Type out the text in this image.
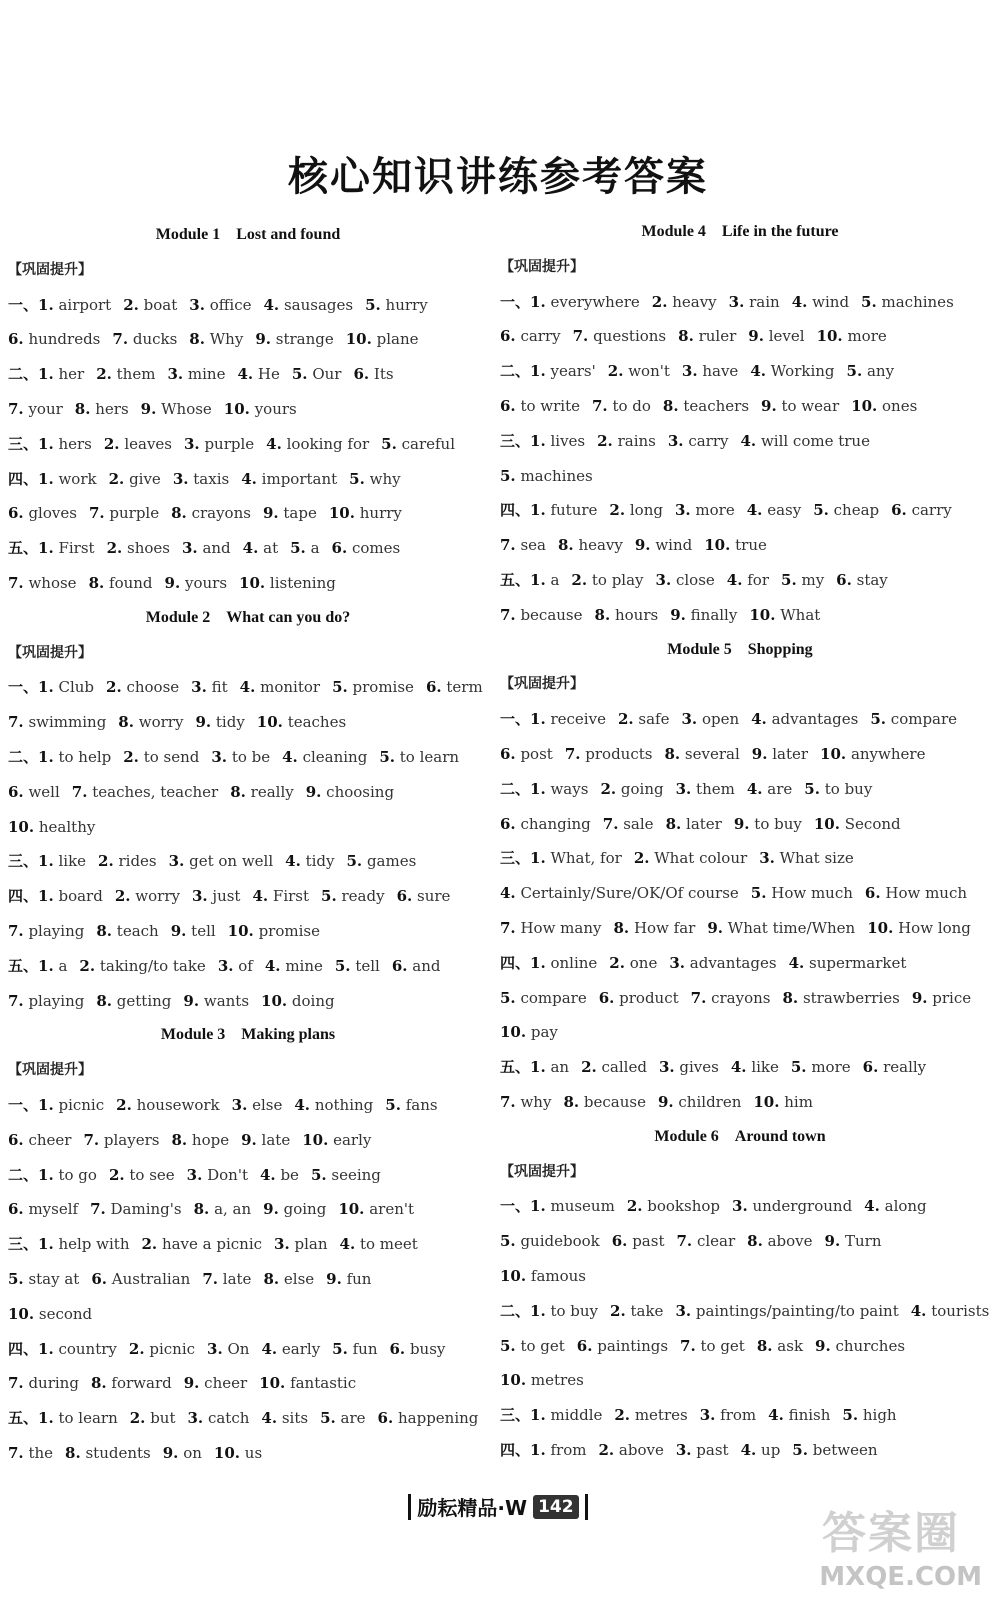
核心知识讲练参考答案
Module 1　Lost and found
【巩固提升】
一、1. airport 2. boat 3. office 4. sausages 5. hurry
6. hundreds 7. ducks 8. Why 9. strange 10. plane
二、1. her 2. them 3. mine 4. He 5. Our 6. Its
7. your 8. hers 9. Whose 10. yours
三、1. hers 2. leaves 3. purple 4. looking for 5. careful
四、1. work 2. give 3. taxis 4. important 5. why
6. gloves 7. purple 8. crayons 9. tape 10. hurry
五、1. First 2. shoes 3. and 4. at 5. a 6. comes
7. whose 8. found 9. yours 10. listening
Module 2　What can you do?
【巩固提升】
一、1. Club 2. choose 3. fit 4. monitor 5. promise 6. term
7. swimming 8. worry 9. tidy 10. teaches
二、1. to help 2. to send 3. to be 4. cleaning 5. to learn
6. well 7. teaches, teacher 8. really 9. choosing
10. healthy
三、1. like 2. rides 3. get on well 4. tidy 5. games
四、1. board 2. worry 3. just 4. First 5. ready 6. sure
7. playing 8. teach 9. tell 10. promise
五、1. a 2. taking/to take 3. of 4. mine 5. tell 6. and
7. playing 8. getting 9. wants 10. doing
Module 3　Making plans
【巩固提升】
一、1. picnic 2. housework 3. else 4. nothing 5. fans
6. cheer 7. players 8. hope 9. late 10. early
二、1. to go 2. to see 3. Don't 4. be 5. seeing
6. myself 7. Daming's 8. a, an 9. going 10. aren't
三、1. help with 2. have a picnic 3. plan 4. to meet
5. stay at 6. Australian 7. late 8. else 9. fun
10. second
四、1. country 2. picnic 3. On 4. early 5. fun 6. busy
7. during 8. forward 9. cheer 10. fantastic
五、1. to learn 2. but 3. catch 4. sits 5. are 6. happening
7. the 8. students 9. on 10. us
Module 4　Life in the future
【巩固提升】
一、1. everywhere 2. heavy 3. rain 4. wind 5. machines
6. carry 7. questions 8. ruler 9. level 10. more
二、1. years' 2. won't 3. have 4. Working 5. any
6. to write 7. to do 8. teachers 9. to wear 10. ones
三、1. lives 2. rains 3. carry 4. will come true
5. machines
四、1. future 2. long 3. more 4. easy 5. cheap 6. carry
7. sea 8. heavy 9. wind 10. true
五、1. a 2. to play 3. close 4. for 5. my 6. stay
7. because 8. hours 9. finally 10. What
Module 5　Shopping
【巩固提升】
一、1. receive 2. safe 3. open 4. advantages 5. compare
6. post 7. products 8. several 9. later 10. anywhere
二、1. ways 2. going 3. them 4. are 5. to buy
6. changing 7. sale 8. later 9. to buy 10. Second
三、1. What, for 2. What colour 3. What size
4. Certainly/Sure/OK/Of course 5. How much 6. How much
7. How many 8. How far 9. What time/When 10. How long
四、1. online 2. one 3. advantages 4. supermarket
5. compare 6. product 7. crayons 8. strawberries 9. price
10. pay
五、1. an 2. called 3. gives 4. like 5. more 6. really
7. why 8. because 9. children 10. him
Module 6　Around town
【巩固提升】
一、1. museum 2. bookshop 3. underground 4. along
5. guidebook 6. past 7. clear 8. above 9. Turn
10. famous
二、1. to buy 2. take 3. paintings/painting/to paint 4. tourists
5. to get 6. paintings 7. to get 8. ask 9. churches
10. metres
三、1. middle 2. metres 3. from 4. finish 5. high
四、1. from 2. above 3. past 4. up 5. between
励耘精品·W 142
答案圈
MXQE.COM
